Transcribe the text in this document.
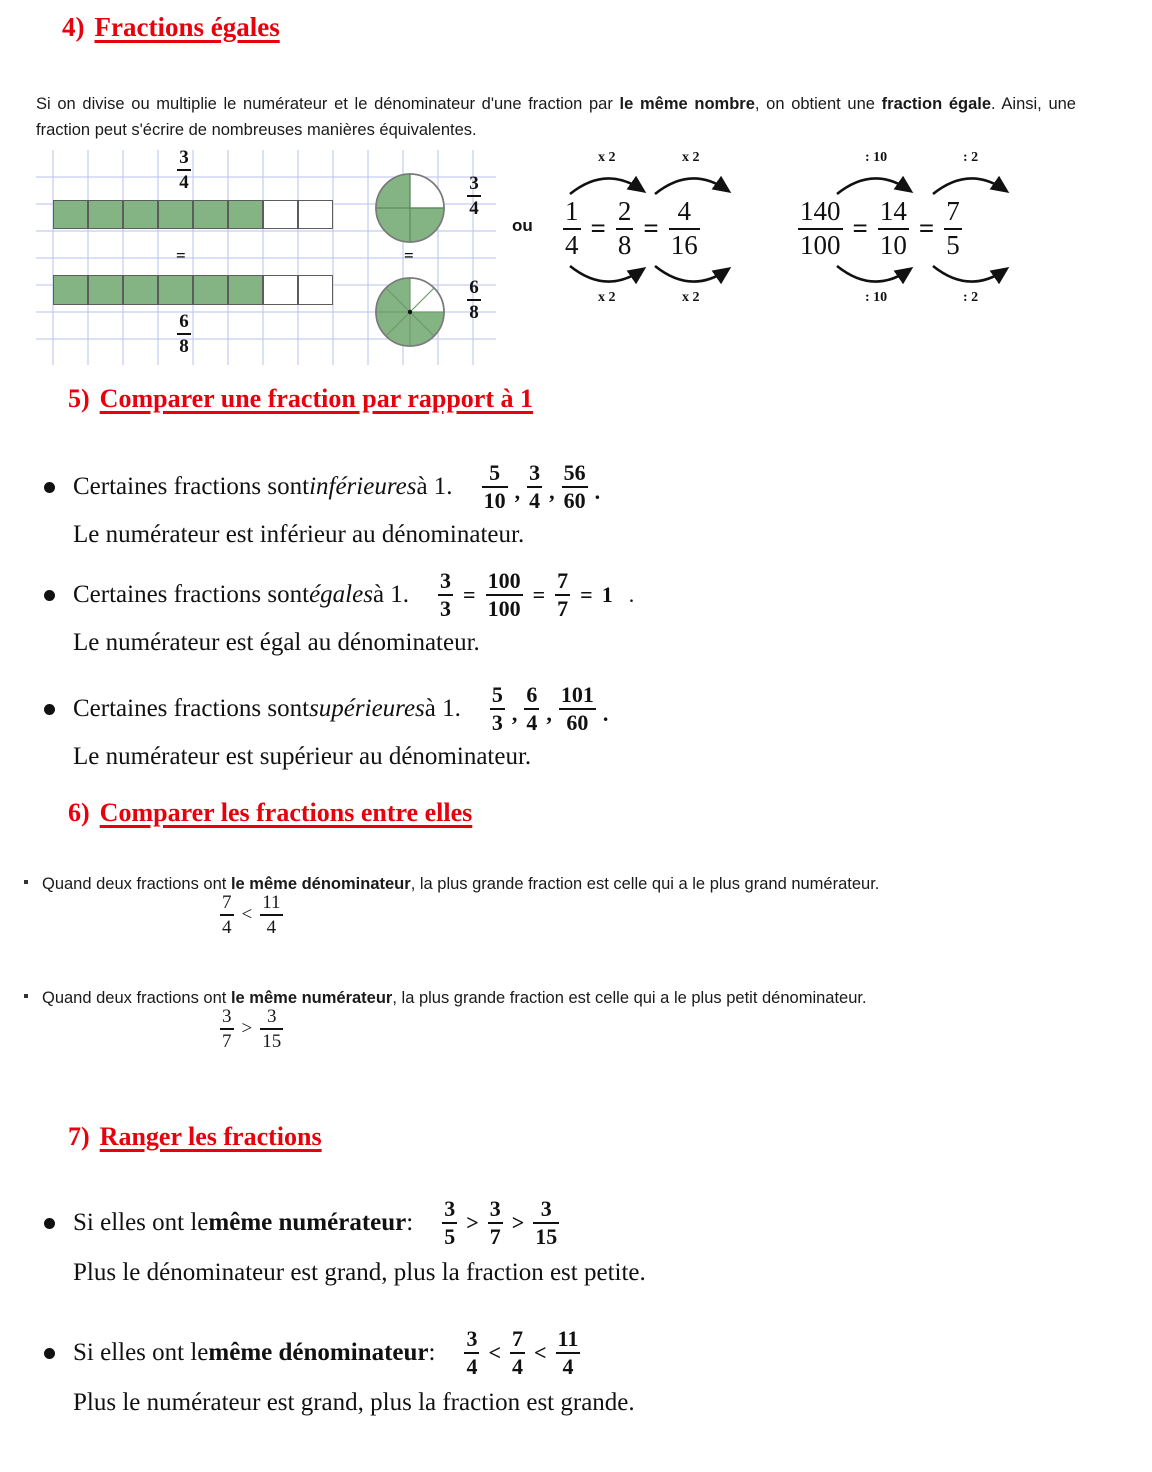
4) Fractions égales
Si on divise ou multiplie le numérateur et le dénominateur d'une fraction par le même nombre, on obtient une fraction égale. Ainsi, une fraction peut s'écrire de nombreuses manières équivalentes.
$\frac{3}{4}$
=
$\frac{6}{8}$
$\frac{3}{4}$
=
$\frac{6}{8}$
ou
x 2	x 2
$\frac{1}{4} = \frac{2}{8} = \frac{4}{16}$
x 2	x 2
: 10	: 2
$\frac{140}{100} = \frac{14}{10} = \frac{7}{5}$
: 10	: 2
5) Comparer une fraction par rapport à 1
Certaines fractions sont inférieures à 1. $\frac{5}{10}$ , $\frac{3}{4}$ , $\frac{56}{60}$ .
Le numérateur est inférieur au dénominateur.
Certaines fractions sont égales à 1. $\frac{3}{3} = \frac{100}{100} = \frac{7}{7} = 1$ .
Le numérateur est égal au dénominateur.
Certaines fractions sont supérieures à 1. $\frac{5}{3}$ , $\frac{6}{4}$ , $\frac{101}{60}$ .
Le numérateur est supérieur au dénominateur.
6) Comparer les fractions entre elles
Quand deux fractions ont le même dénominateur, la plus grande fraction est celle qui a le plus grand numérateur.
$\frac{7}{4} < \frac{11}{4}$
Quand deux fractions ont le même numérateur, la plus grande fraction est celle qui a le plus petit dénominateur.
$\frac{3}{7} > \frac{3}{15}$
7) Ranger les fractions
Si elles ont le même numérateur : $\frac{3}{5} > \frac{3}{7} > \frac{3}{15}$
Plus le dénominateur est grand, plus la fraction est petite.
Si elles ont le même dénominateur : $\frac{3}{4} < \frac{7}{4} < \frac{11}{4}$
Plus le numérateur est grand, plus la fraction est grande.
